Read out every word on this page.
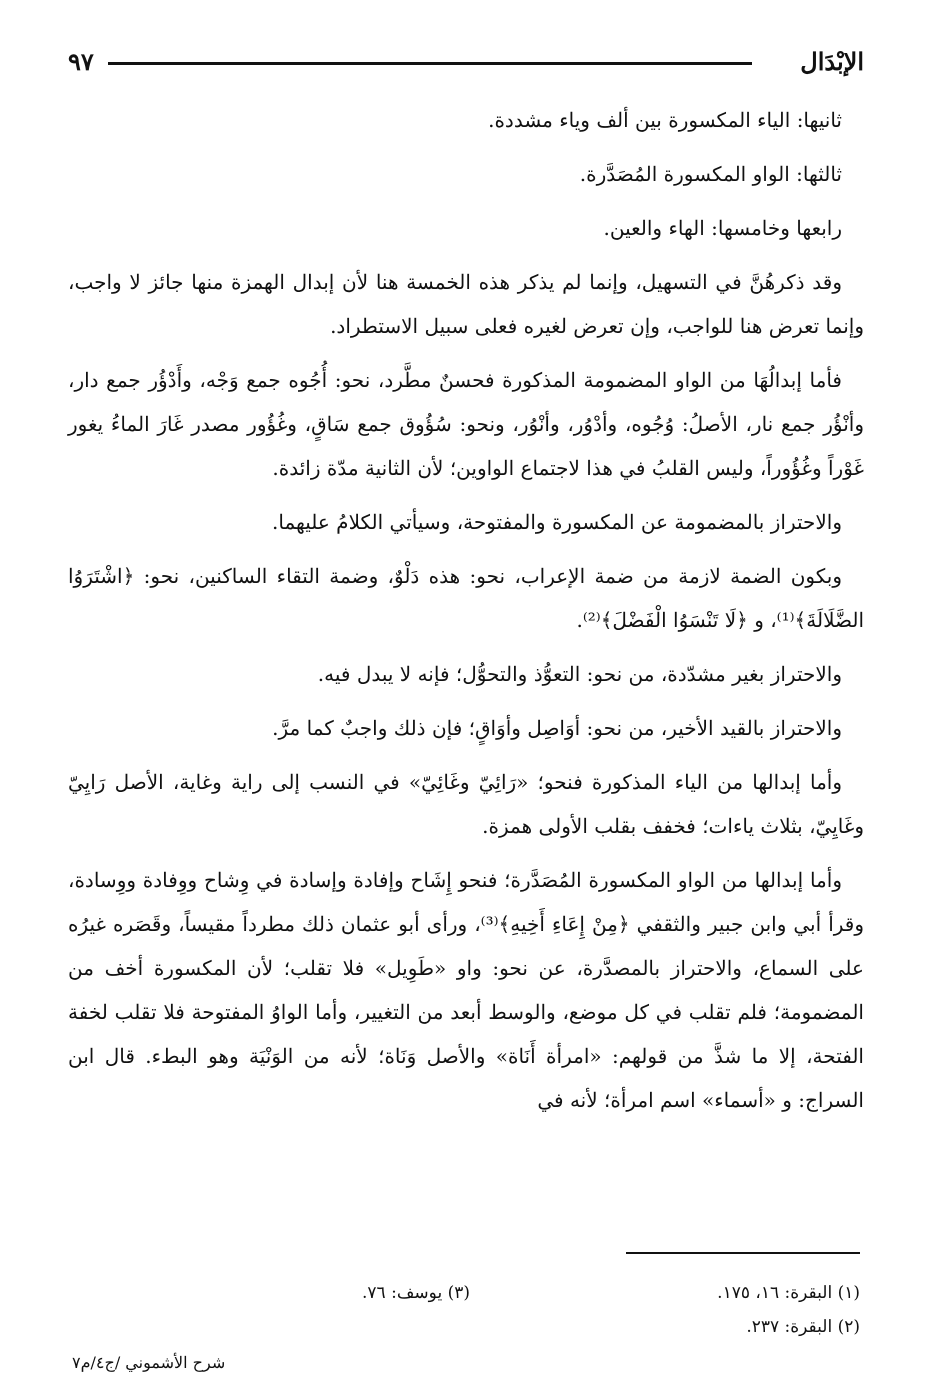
الإبْدَال
٩٧

ثانيها: الياء المكسورة بين ألف وياء مشددة.

ثالثها: الواو المكسورة المُصَدَّرة.

رابعها وخامسها: الهاء والعين.

وقد ذكرهُنَّ في التسهيل، وإنما لم يذكر هذه الخمسة هنا لأن إبدال الهمزة منها جائز لا واجب، وإنما تعرض هنا للواجب، وإن تعرض لغيره فعلى سبيل الاستطراد.

فأما إبدالُهَا من الواو المضمومة المذكورة فحسنٌ مطَّرد، نحو: أُجُوه جمع وَجْه، وأَدْؤُر جمع دار، وأنْؤُر جمع نار، الأصلُ: وُجُوه، وأدْوُر، وأنْوُر، ونحو: سُؤُوق جمع سَاقٍ، وغُؤُور مصدر غَارَ الماءُ يغور غَوْراً وغُؤُوراً، وليس القلبُ في هذا لاجتماع الواوين؛ لأن الثانية مدّة زائدة.

والاحتراز بالمضمومة عن المكسورة والمفتوحة، وسيأتي الكلامُ عليهما.

وبكون الضمة لازمة من ضمة الإعراب، نحو: هذه دَلْوٌ، وضمة التقاء الساكنين، نحو: ﴿اشْتَرَوُا الضَّلَالَةَ﴾⁽¹⁾، و ﴿لَا تَنْسَوُا الْفَضْلَ﴾⁽²⁾.

والاحتراز بغير مشدّدة، من نحو: التعوُّذ والتحوُّل؛ فإنه لا يبدل فيه.

والاحتراز بالقيد الأخير، من نحو: أوَاصِل وأوَاقٍ؛ فإن ذلك واجبٌ كما مرَّ.

وأما إبدالها من الياء المذكورة فنحو؛ «رَائِيّ وغَائِيّ» في النسب إلى راية وغاية، الأصل رَايِيّ وغَايِيّ، بثلاث ياءات؛ فخفف بقلب الأولى همزة.

وأما إبدالها من الواو المكسورة المُصَدَّرة؛ فنحو إِشَاح وإفادة وإسادة في وِشاح ووِفادة ووِسادة، وقرأ أبي وابن جبير والثقفي ﴿مِنْ إِعَاءِ أَخِيهِ﴾⁽³⁾، ورأى أبو عثمان ذلك مطرداً مقيساً، وقَصَره غيرُه على السماع، والاحتراز بالمصدَّرة، عن نحو: واو «طَوِيل» فلا تقلب؛ لأن المكسورة أخف من المضمومة؛ فلم تقلب في كل موضع، والوسط أبعد من التغيير، وأما الواوُ المفتوحة فلا تقلب لخفة الفتحة، إلا ما شذَّ من قولهم: «امرأة أَنَاة» والأصل وَنَاة؛ لأنه من الوَنْيَة وهو البطء. قال ابن السراج: و «أسماء» اسم امرأة؛ لأنه في

(١) البقرة: ١٦، ١٧٥.
(٢) البقرة: ٢٣٧.
(٣) يوسف: ٧٦.
شرح الأشموني /ج٤/م٧
